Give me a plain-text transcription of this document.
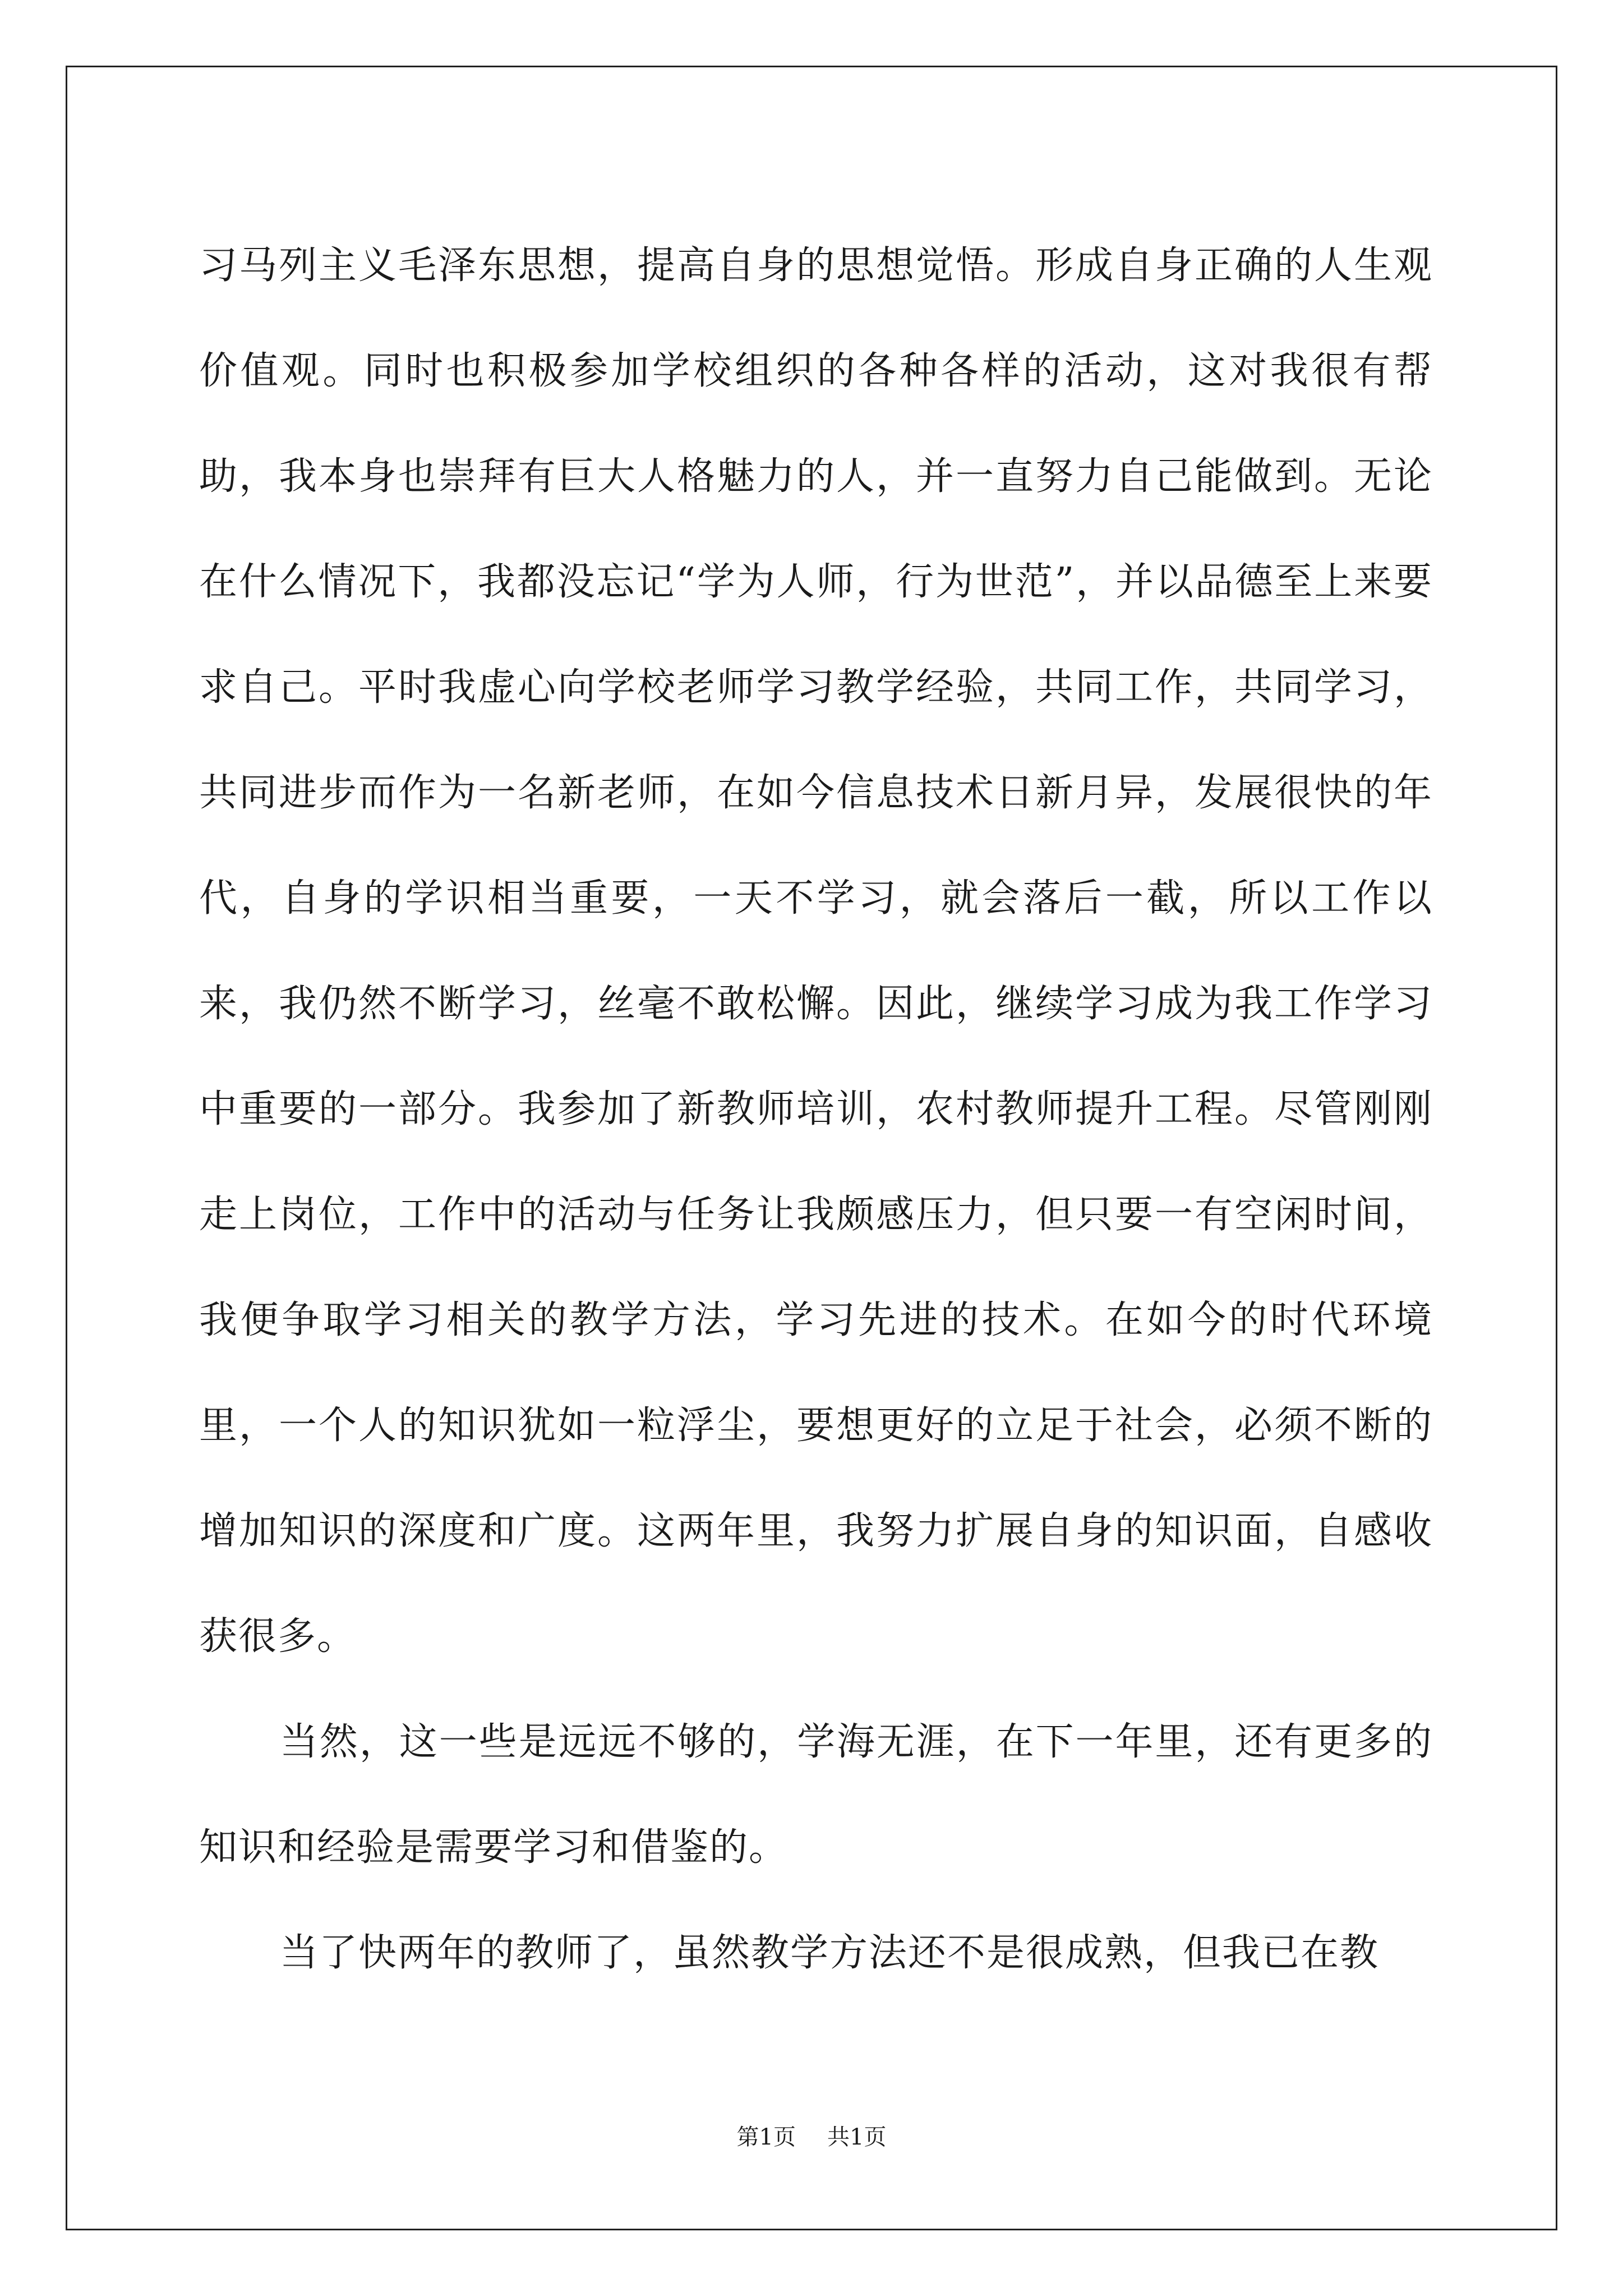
习马列主义毛泽东思想，提高自身的思想觉悟。形成自身正确的人生观价值观。同时也积极参加学校组织的各种各样的活动，这对我很有帮助，我本身也崇拜有巨大人格魅力的人，并一直努力自己能做到。无论在什么情况下，我都没忘记“学为人师，行为世范”，并以品德至上来要求自己。平时我虚心向学校老师学习教学经验，共同工作，共同学习，共同进步而作为一名新老师，在如今信息技术日新月异，发展很快的年代，自身的学识相当重要，一天不学习，就会落后一截，所以工作以来，我仍然不断学习，丝毫不敢松懈。因此，继续学习成为我工作学习中重要的一部分。我参加了新教师培训，农村教师提升工程。尽管刚刚走上岗位，工作中的活动与任务让我颇感压力，但只要一有空闲时间，我便争取学习相关的教学方法，学习先进的技术。在如今的时代环境里，一个人的知识犹如一粒浮尘，要想更好的立足于社会，必须不断的增加知识的深度和广度。这两年里，我努力扩展自身的知识面，自感收获很多。

当然，这一些是远远不够的，学海无涯，在下一年里，还有更多的知识和经验是需要学习和借鉴的。

当了快两年的教师了，虽然教学方法还不是很成熟，但我已在教

第1页 共1页
